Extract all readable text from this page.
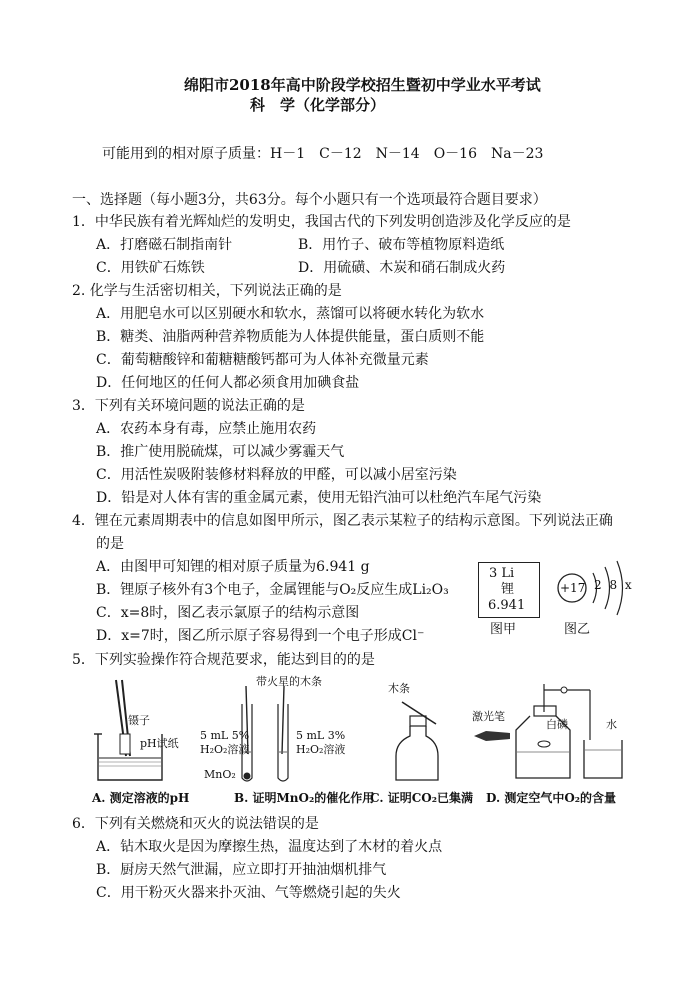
绵阳市2018年高中阶段学校招生暨初中学业水平考试
科　学（化学部分）
可能用到的相对原子质量：H－1　C－12　N－14　O－16　Na－23
一、选择题（每小题3分，共63分。每个小题只有一个选项最符合题目要求）
1．中华民族有着光辉灿烂的发明史，我国古代的下列发明创造涉及化学反应的是
A．打磨磁石制指南针	B．用竹子、破布等植物原料造纸
C．用铁矿石炼铁	D．用硫磺、木炭和硝石制成火药
2. 化学与生活密切相关，下列说法正确的是
A．用肥皂水可以区别硬水和软水，蒸馏可以将硬水转化为软水
B．糖类、油脂两种营养物质能为人体提供能量，蛋白质则不能
C．葡萄糖酸锌和葡糖糖酸钙都可为人体补充微量元素
D．任何地区的任何人都必须食用加碘食盐
3．下列有关环境问题的说法正确的是
A．农药本身有毒，应禁止施用农药
B．推广使用脱硫煤，可以减少雾霾天气
C．用活性炭吸附装修材料释放的甲醛，可以减小居室污染
D．铅是对人体有害的重金属元素，使用无铅汽油可以杜绝汽车尾气污染
4．锂在元素周期表中的信息如图甲所示，图乙表示某粒子的结构示意图。下列说法正确
的是
A．由图甲可知锂的相对原子质量为6.941 g
B．锂原子核外有3个电子，金属锂能与O₂反应生成Li₂O₃
C．x=8时，图乙表示氯原子的结构示意图
D．x=7时，图乙所示原子容易得到一个电子形成Cl⁻
3 Li
锂
6.941
图甲
+17 2 8 x
图乙
5．下列实验操作符合规范要求，能达到目的的是
镊子
pH试纸
A. 测定溶液的pH
带火星的木条
5 mL 5%
H₂O₂溶液
5 mL 3%
H₂O₂溶液
MnO₂
B. 证明MnO₂的催化作用
木条
C. 证明CO₂已集满
激光笔
白磷	水
D. 测定空气中O₂的含量
6．下列有关燃烧和灭火的说法错误的是
A．钻木取火是因为摩擦生热，温度达到了木材的着火点
B．厨房天然气泄漏，应立即打开抽油烟机排气
C．用干粉灭火器来扑灭油、气等燃烧引起的失火
